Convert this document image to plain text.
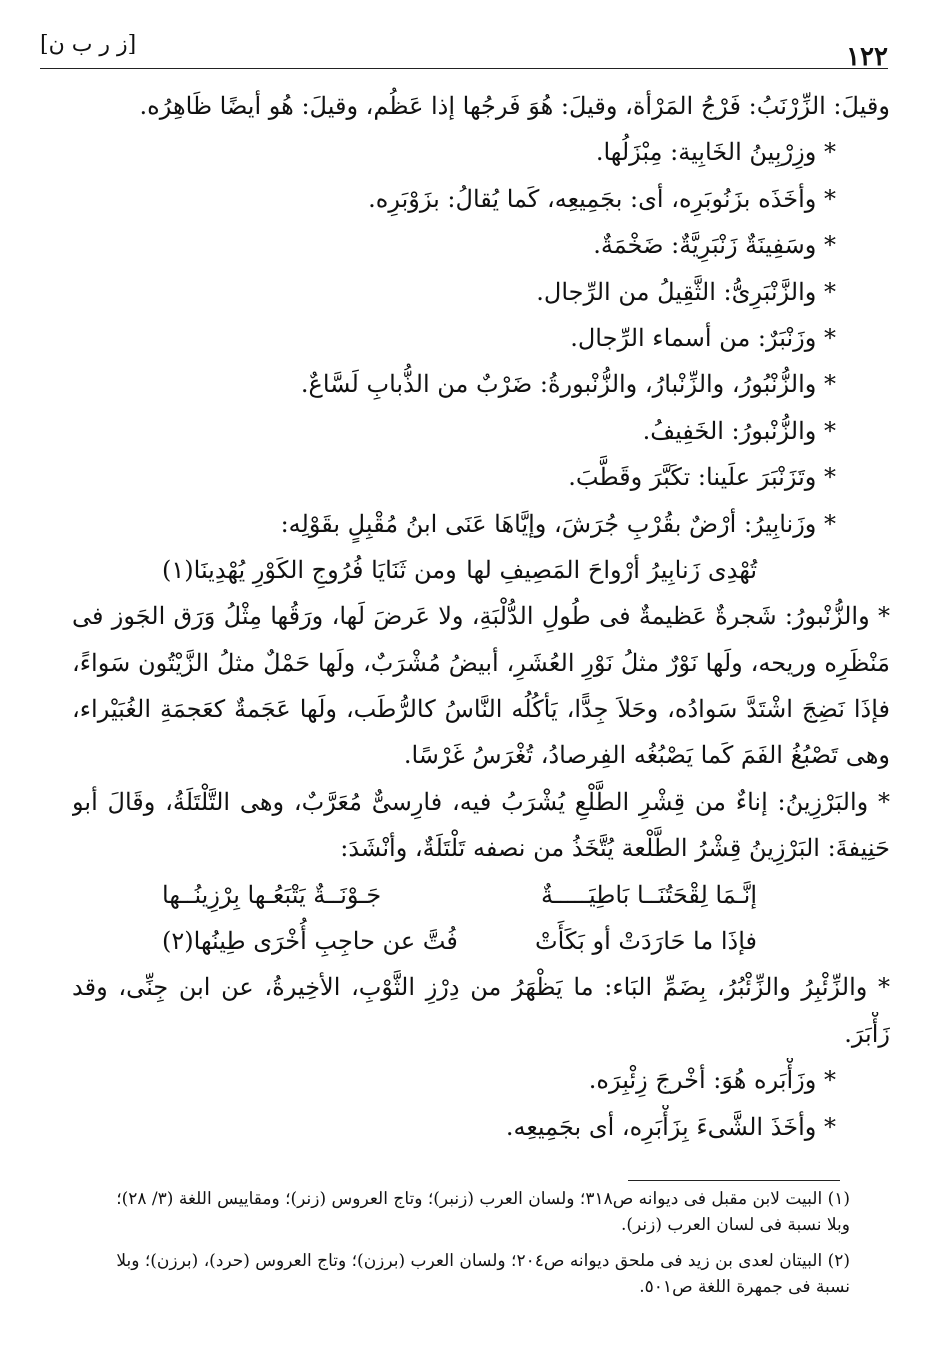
١٢٢
[ز ر ب ن]
وقيلَ: الزِّرْنَبُ: فَرْجُ المَرْأة، وقيلَ: هُوَ فَرجُها إذا عَظُم، وقيلَ: هُو أيضًا ظَاهِرُه.
* وزِرْبِينُ الخَابِية: مِبْزَلُها.
* وأخَذَه بزَنُوبَرِه، أى: بجَمِيعِه، كَما يُقالُ: بزَوْبَرِه.
* وسَفِينَةٌ زَنْبَرِيَّةٌ: ضَخْمَةٌ.
* والزَّنْبَرِىُّ: الثَّقِيلُ من الرِّجال.
* وزَنْبَرٌ: من أسماء الرِّجال.
* والزُّنْبُورُ، والزِّنْبارُ، والزُّنْبورةُ: ضَرْبٌ من الذُّبابِ لَسَّاعٌ.
* والزُّنْبورُ: الخَفِيفُ.
* وتَزَنْبَرَ علَينا: تكَبَّرَ وقَطَّبَ.
* وزَنابِيرُ: أرْضٌ بقُرْبِ جُرَشَ، وإيَّاهَا عَنَى ابنُ مُقْبِلٍ بقَوْلِه:
تُهْدِى زَنابِيرُ أرْواحَ المَصِيفِ لها
ومن ثَنَايَا فُرُوجِ الكَوْرِ يُهْدِينَا(١)
* والزُّنْبورُ: شَجرةٌ عَظيمةٌ فى طُولِ الدُّلْبَةِ، ولا عَرضَ لَها، ورَقُها مِثْلُ وَرَق الجَوز فى
مَنْظَرِه وريحه، ولَها نَوْرٌ مثلُ نَوْرِ العُشَرِ، أبيضُ مُشْرَبٌ، ولَها حَمْلٌ مثلُ الزَّيْتُون سَواءً،
فإذَا نَضِجَ اشْتَدَّ سَوادُه، وحَلاَ جِدًّا، يَأكُلُه النَّاسُ كالرُّطَب، ولَها عَجَمةٌ كعَجمَةِ الغُبَيْراء،
وهى تَصْبُغُ الفَمَ كَما يَصْبُغُه الفِرصادُ، تُغْرَسُ غَرْسًا.
* والبَرْزِينُ: إناءٌ من قِشْرِ الطَّلْعِ يُشْرَبُ فيه، فارِسىٌّ مُعَرَّبٌ، وهى التَّلْتَلَةُ، وقَالَ أبو
حَنِيفةَ: البَرْزِينُ قِشْرُ الطَّلْعة يُتَّخَذُ من نصفه تَلْتَلَةٌ، وأنْشَدَ:
إنَّـمَا لِقْحَتُنَــا بَاطِيَـــــةٌ
جَـوْنَــةٌ يَتْبَعُـها بِرْزِينُــها
فإذَا ما حَارَدَتْ أو بَكَأَتْ
فُتَّ عن حاجِبِ أُخْرَى طِينُها(٢)
* والزِّئْبِرُ والزِّئْبُرُ، بِضَمِّ البَاء: ما يَظْهَرُ من دِرْزِ الثَّوْبِ، الأخِيرةُ، عن ابن جِنِّى، وقد
زَأْبَرَ.
* وزَأْبَره هُوَ: أخْرجَ زِئْبِرَه.
* وأخَذَ الشَّىءَ بِزَأْبَرِه، أى بجَمِيعِه.

(١) البيت لابن مقبل فى ديوانه ص٣١٨؛ ولسان العرب (زنبر)؛ وتاج العروس (زنر)؛ ومقاييس اللغة (٣/ ٢٨)؛

وبلا نسبة فى لسان العرب (زنر).

(٢) البيتان لعدى بن زيد فى ملحق ديوانه ص٢٠٤؛ ولسان العرب (برزن)؛ وتاج العروس (حرد)، (برزن)؛ وبلا

نسبة فى جمهرة اللغة ص٥٠١.
